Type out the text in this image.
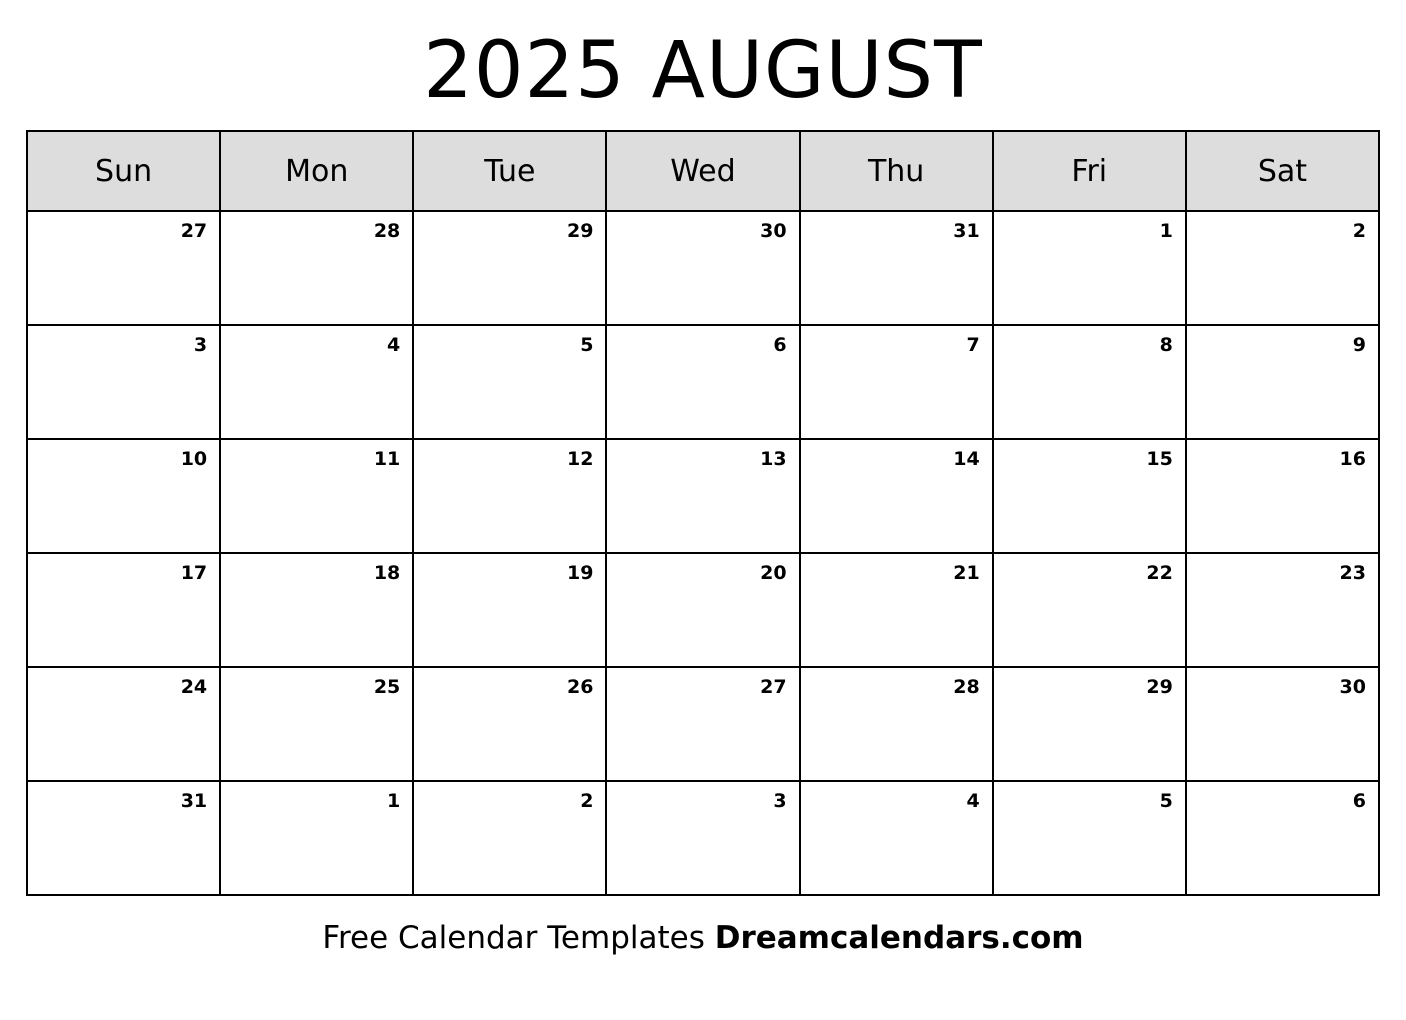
2025 AUGUST
Sun	Mon	Tue	Wed	Thu	Fri	Sat

27	28	29	30	31	1	2

3	4	5	6	7	8	9

10	11	12	13	14	15	16

17	18	19	20	21	22	23

24	25	26	27	28	29	30

31	1	2	3	4	5	6
Free Calendar Templates Dreamcalendars.com
